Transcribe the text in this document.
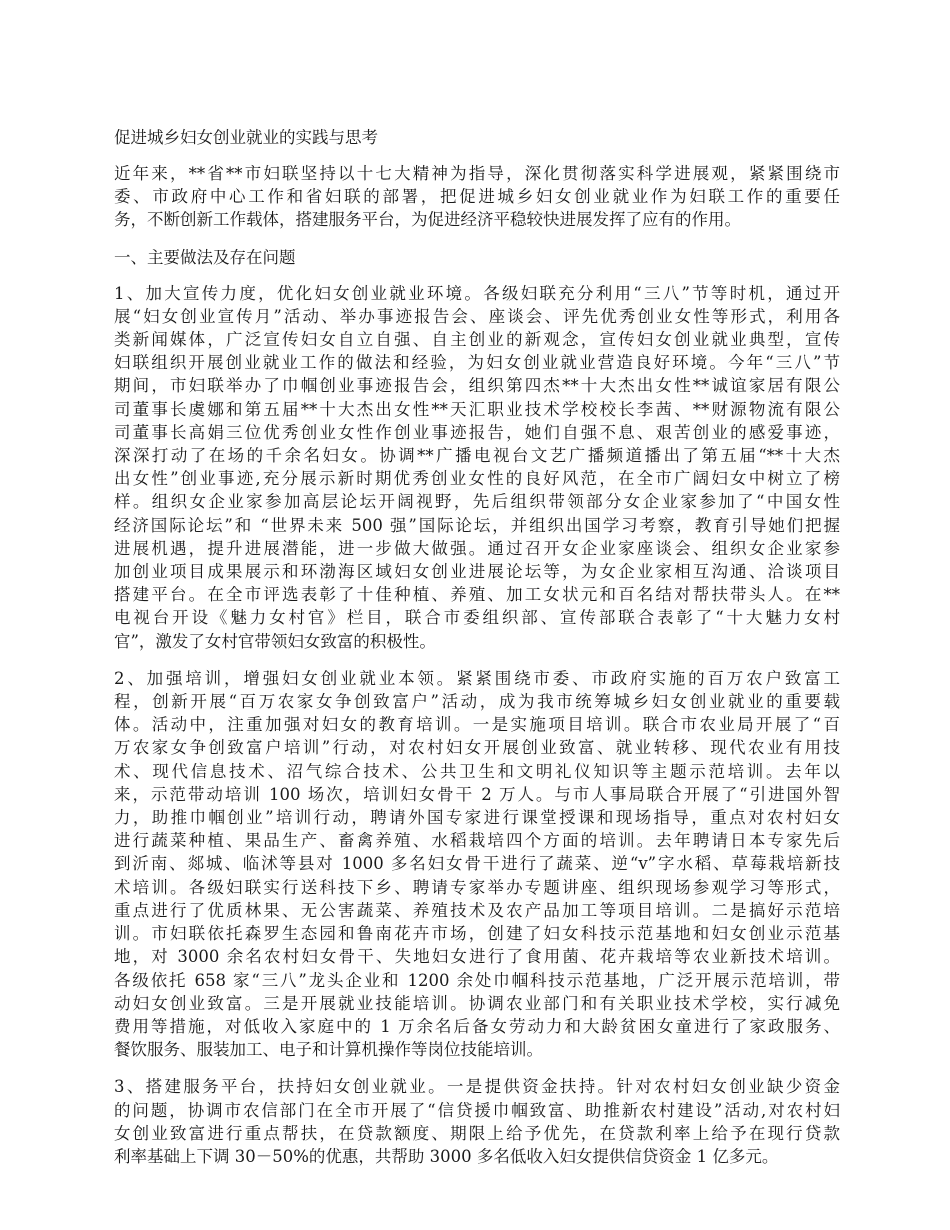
促进城乡妇女创业就业的实践与思考
近年来，**省**市妇联坚持以十七大精神为指导，深化贯彻落实科学进展观，紧紧围绕市
委、市政府中心工作和省妇联的部署，把促进城乡妇女创业就业作为妇联工作的重要任
务，不断创新工作载体，搭建服务平台，为促进经济平稳较快进展发挥了应有的作用。
一、主要做法及存在问题
1、加大宣传力度，优化妇女创业就业环境。各级妇联充分利用“三八”节等时机，通过开
展“妇女创业宣传月”活动、举办事迹报告会、座谈会、评先优秀创业女性等形式，利用各
类新闻媒体，广泛宣传妇女自立自强、自主创业的新观念，宣传妇女创业就业典型，宣传
妇联组织开展创业就业工作的做法和经验，为妇女创业就业营造良好环境。今年“三八”节
期间，市妇联举办了巾帼创业事迹报告会，组织第四杰**十大杰出女性**诚谊家居有限公
司董事长虞娜和第五届**十大杰出女性**天汇职业技术学校校长李茜、**财源物流有限公
司董事长高娟三位优秀创业女性作创业事迹报告，她们自强不息、艰苦创业的感爱事迹，
深深打动了在场的千余名妇女。协调**广播电视台文艺广播频道播出了第五届“**十大杰
出女性”创业事迹,充分展示新时期优秀创业女性的良好风范，在全市广阔妇女中树立了榜
样。组织女企业家参加高层论坛开阔视野，先后组织带领部分女企业家参加了“中国女性
经济国际论坛”和 “世界未来 500 强”国际论坛，并组织出国学习考察，教育引导她们把握
进展机遇，提升进展潜能，进一步做大做强。通过召开女企业家座谈会、组织女企业家参
加创业项目成果展示和环渤海区域妇女创业进展论坛等，为女企业家相互沟通、洽谈项目
搭建平台。在全市评选表彰了十佳种植、养殖、加工女状元和百名结对帮扶带头人。在**
电视台开设《魅力女村官》栏目，联合市委组织部、宣传部联合表彰了“十大魅力女村
官”，激发了女村官带领妇女致富的积极性。
2、加强培训，增强妇女创业就业本领。紧紧围绕市委、市政府实施的百万农户致富工
程，创新开展“百万农家女争创致富户”活动，成为我市统筹城乡妇女创业就业的重要载
体。活动中，注重加强对妇女的教育培训。一是实施项目培训。联合市农业局开展了“百
万农家女争创致富户培训”行动，对农村妇女开展创业致富、就业转移、现代农业有用技
术、现代信息技术、沼气综合技术、公共卫生和文明礼仪知识等主题示范培训。去年以
来，示范带动培训 100 场次，培训妇女骨干 2 万人。与市人事局联合开展了“引进国外智
力，助推巾帼创业”培训行动，聘请外国专家进行课堂授课和现场指导，重点对农村妇女
进行蔬菜种植、果品生产、畜禽养殖、水稻栽培四个方面的培训。去年聘请日本专家先后
到沂南、郯城、临沭等县对 1000 多名妇女骨干进行了蔬菜、逆“v”字水稻、草莓栽培新技
术培训。各级妇联实行送科技下乡、聘请专家举办专题讲座、组织现场参观学习等形式，
重点进行了优质林果、无公害蔬菜、养殖技术及农产品加工等项目培训。二是搞好示范培
训。市妇联依托森罗生态园和鲁南花卉市场，创建了妇女科技示范基地和妇女创业示范基
地，对 3000 余名农村妇女骨干、失地妇女进行了食用菌、花卉栽培等农业新技术培训。
各级依托 658 家“三八”龙头企业和 1200 余处巾帼科技示范基地，广泛开展示范培训，带
动妇女创业致富。三是开展就业技能培训。协调农业部门和有关职业技术学校，实行减免
费用等措施，对低收入家庭中的 1 万余名后备女劳动力和大龄贫困女童进行了家政服务、
餐饮服务、服装加工、电子和计算机操作等岗位技能培训。
3、搭建服务平台，扶持妇女创业就业。一是提供资金扶持。针对农村妇女创业缺少资金
的问题，协调市农信部门在全市开展了“信贷援巾帼致富、助推新农村建设”活动,对农村妇
女创业致富进行重点帮扶，在贷款额度、期限上给予优先，在贷款利率上给予在现行贷款
利率基础上下调 30－50%的优惠，共帮助 3000 多名低收入妇女提供信贷资金 1 亿多元。
